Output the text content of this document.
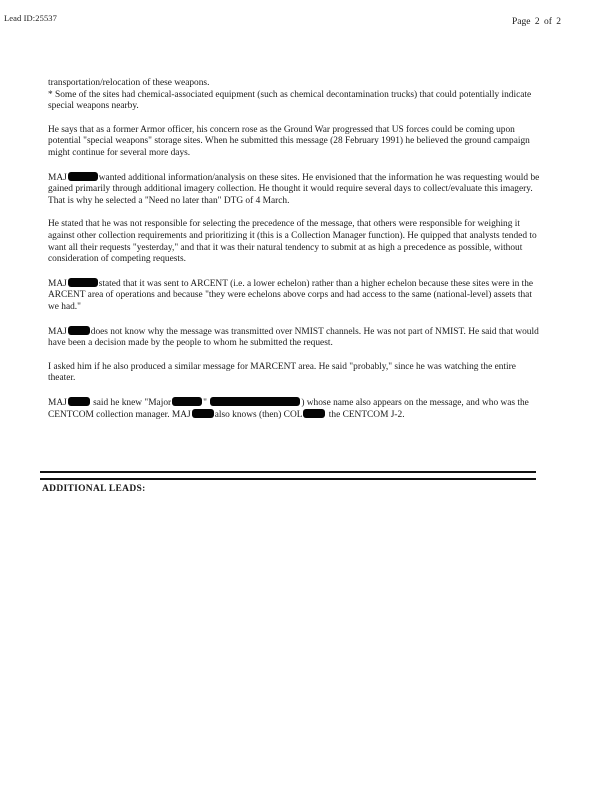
Lead ID:25537	Page 2 of 2

transportation/relocation of these weapons.
* Some of the sites had chemical-associated equipment (such as chemical decontamination trucks) that could potentially indicate special weapons nearby.

He says that as a former Armor officer, his concern rose as the Ground War progressed that US forces could be coming upon potential "special weapons" storage sites. When he submitted this message (28 February 1991) he believed the ground campaign might continue for several more days.

MAJ	wanted additional information/analysis on these sites. He envisioned that the information he was requesting would be gained primarily through additional imagery collection. He thought it would require several days to collect/evaluate this imagery. That is why he selected a "Need no later than" DTG of 4 March.

He stated that he was not responsible for selecting the precedence of the message, that others were responsible for weighing it against other collection requirements and prioritizing it (this is a Collection Manager function). He quipped that analysts tended to want all their requests "yesterday," and that it was their natural tendency to submit at as high a precedence as possible, without consideration of competing requests.

MAJ	stated that it was sent to ARCENT (i.e. a lower echelon) rather than a higher echelon because these sites were in the ARCENT area of operations and because "they were echelons above corps and had access to the same (national-level) assets that we had."

MAJ	does not know why the message was transmitted over NMIST channels. He was not part of NMIST. He said that would have been a decision made by the people to whom he submitted the request.

I asked him if he also produced a similar message for MARCENT area. He said "probably," since he was watching the entire theater.

MAJ	said he knew "Major	"	) whose name also appears on the message, and who was the CENTCOM collection manager. MAJ	also knows (then) COL	the CENTCOM J-2.

ADDITIONAL LEADS:
